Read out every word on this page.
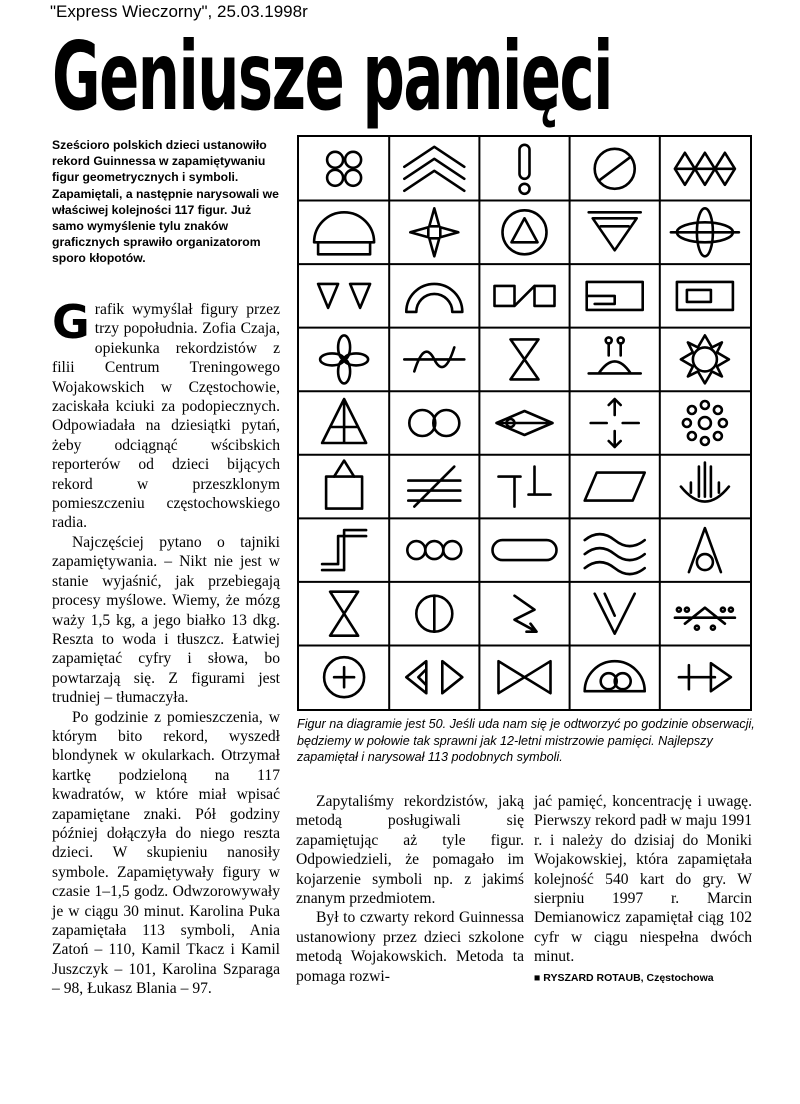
"Express Wieczorny", 25.03.1998r
Geniusze pamięci
Sześcioro polskich dzieci ustanowiło rekord Guinnessa w zapamiętywaniu figur geometrycznych i symboli. Zapamiętali, a następnie narysowali we właściwej kolejności 117 figur. Już samo wymyślenie tylu znaków graficznych sprawiło organizatorom sporo kłopotów.

Grafik wymyślał figury przez trzy popołudnia. Zofia Czaja, opiekunka rekordzistów z filii Centrum Treningowego Wojakowskich w Częstochowie, zaciskała kciuki za podopiecznych. Odpowiadała na dziesiątki pytań, żeby odciągnąć wścibskich reporterów od dzieci bijących rekord w przeszklonym pomieszczeniu częstochowskiego radia.

Najczęściej pytano o tajniki zapamiętywania. – Nikt nie jest w stanie wyjaśnić, jak przebiegają procesy myślowe. Wiemy, że mózg waży 1,5 kg, a jego białko 13 dkg. Reszta to woda i tłuszcz. Łatwiej zapamiętać cyfry i słowa, bo powtarzają się. Z figurami jest trudniej – tłumaczyła.

Po godzinie z pomieszczenia, w którym bito rekord, wyszedł blondynek w okularkach. Otrzymał kartkę podzieloną na 117 kwadratów, w które miał wpisać zapamiętane znaki. Pół godziny później dołączyła do niego reszta dzieci. W skupieniu nanosiły symbole. Zapamiętywały figury w czasie 1–1,5 godz. Odwzorowywały je w ciągu 30 minut. Karolina Puka zapamiętała 113 symboli, Ania Zatoń – 110, Kamil Tkacz i Kamil Juszczyk – 101, Karolina Szparaga – 98, Łukasz Blania – 97.

Figur na diagramie jest 50. Jeśli uda nam się je odtworzyć po godzinie obserwacji, będziemy w połowie tak sprawni jak 12-letni mistrzowie pamięci. Najlepszy zapamiętał i narysował 113 podobnych symboli.

Zapytaliśmy rekordzistów, jaką metodą posługiwali się zapamiętując aż tyle figur. Odpowiedzieli, że pomagało im kojarzenie symboli np. z jakimś znanym przedmiotem.

Był to czwarty rekord Guinnessa ustanowiony przez dzieci szkolone metodą Wojakowskich. Metoda ta pomaga rozwi-

jać pamięć, koncentrację i uwagę. Pierwszy rekord padł w maju 1991 r. i należy do dzisiaj do Moniki Wojakowskiej, która zapamiętała kolejność 540 kart do gry. W sierpniu 1997 r. Marcin Demianowicz zapamiętał ciąg 102 cyfr w ciągu niespełna dwóch minut.

■ RYSZARD ROTAUB, Częstochowa
